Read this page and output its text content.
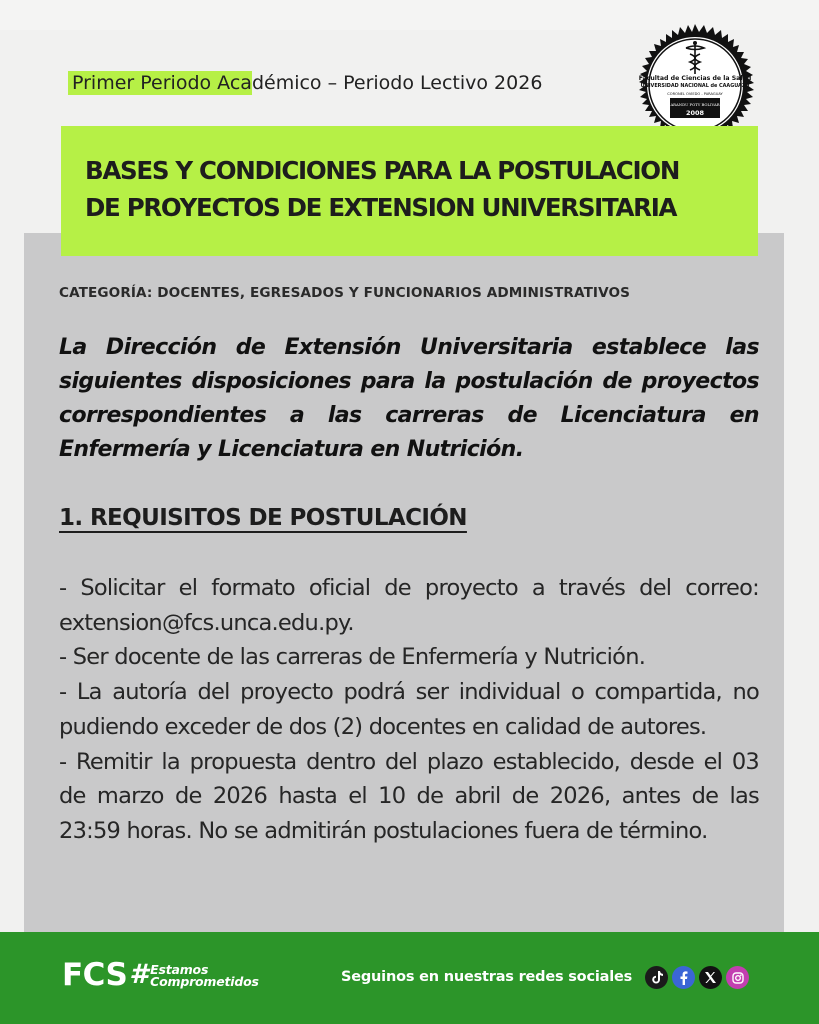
Primer Periodo Académico – Periodo Lectivo 2026	Facultad de Ciencias de la Salud
UNIVERSIDAD NACIONAL de CAAGUAZÚ
CORONEL OVIEDO - PARAGUAY
ARANDU POTY BOLIVAR
2008
BASES Y CONDICIONES PARA LA POSTULACION
DE PROYECTOS DE EXTENSION UNIVERSITARIA
CATEGORÍA: DOCENTES, EGRESADOS Y FUNCIONARIOS ADMINISTRATIVOS
La Dirección de Extensión Universitaria establece las siguientes disposiciones para la postulación de proyectos correspondientes a las carreras de Licenciatura en Enfermería y Licenciatura en Nutrición.
1. REQUISITOS DE POSTULACIÓN

- Solicitar el formato oficial de proyecto a través del correo: extension@fcs.unca.edu.py.

- Ser docente de las carreras de Enfermería y Nutrición.

- La autoría del proyecto podrá ser individual o compartida, no pudiendo exceder de dos (2) docentes en calidad de autores.

- Remitir la propuesta dentro del plazo establecido, desde el 03 de marzo de 2026 hasta el 10 de abril de 2026, antes de las 23:59 horas. No se admitirán postulaciones fuera de término.

FCS # Estamos
Comprometidos	Seguinos en nuestras redes sociales
